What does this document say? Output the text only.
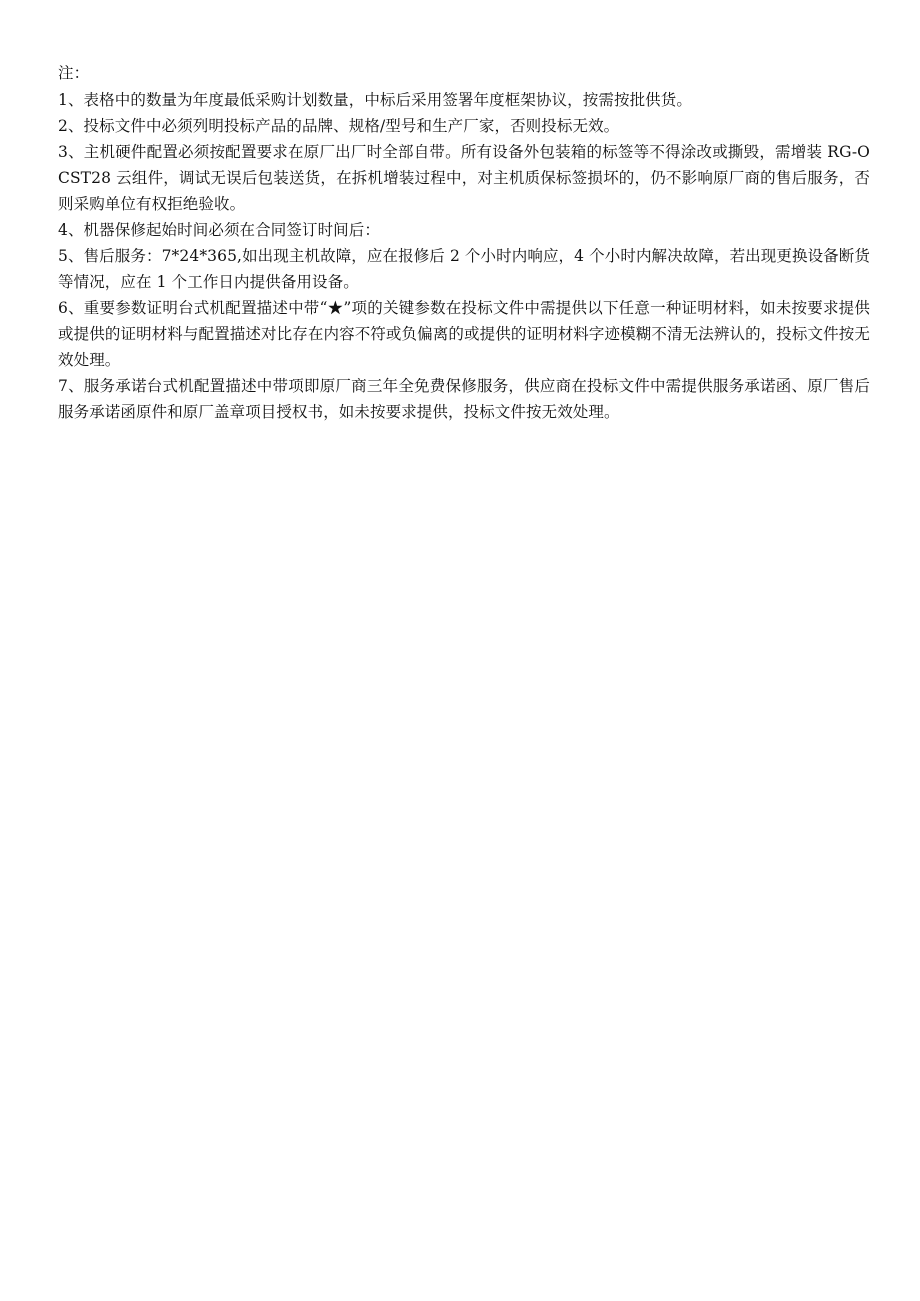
注：

1、表格中的数量为年度最低采购计划数量，中标后采用签署年度框架协议，按需按批供货。

2、投标文件中必须列明投标产品的品牌、规格/型号和生产厂家，否则投标无效。

3、主机硬件配置必须按配置要求在原厂出厂时全部自带。所有设备外包装箱的标签等不得涂改或撕毁，需增装 RG-OCST28 云组件，调试无误后包装送货，在拆机增装过程中，对主机质保标签损坏的，仍不影响原厂商的售后服务，否则采购单位有权拒绝验收。

4、机器保修起始时间必须在合同签订时间后：

5、售后服务：7*24*365,如出现主机故障，应在报修后 2 个小时内响应，4 个小时内解决故障，若出现更换设备断货等情况，应在 1 个工作日内提供备用设备。

6、重要参数证明台式机配置描述中带“★”项的关键参数在投标文件中需提供以下任意一种证明材料，如未按要求提供或提供的证明材料与配置描述对比存在内容不符或负偏离的或提供的证明材料字迹模糊不清无法辨认的，投标文件按无效处理。

7、服务承诺台式机配置描述中带项即原厂商三年全免费保修服务，供应商在投标文件中需提供服务承诺函、原厂售后服务承诺函原件和原厂盖章项目授权书，如未按要求提供，投标文件按无效处理。
